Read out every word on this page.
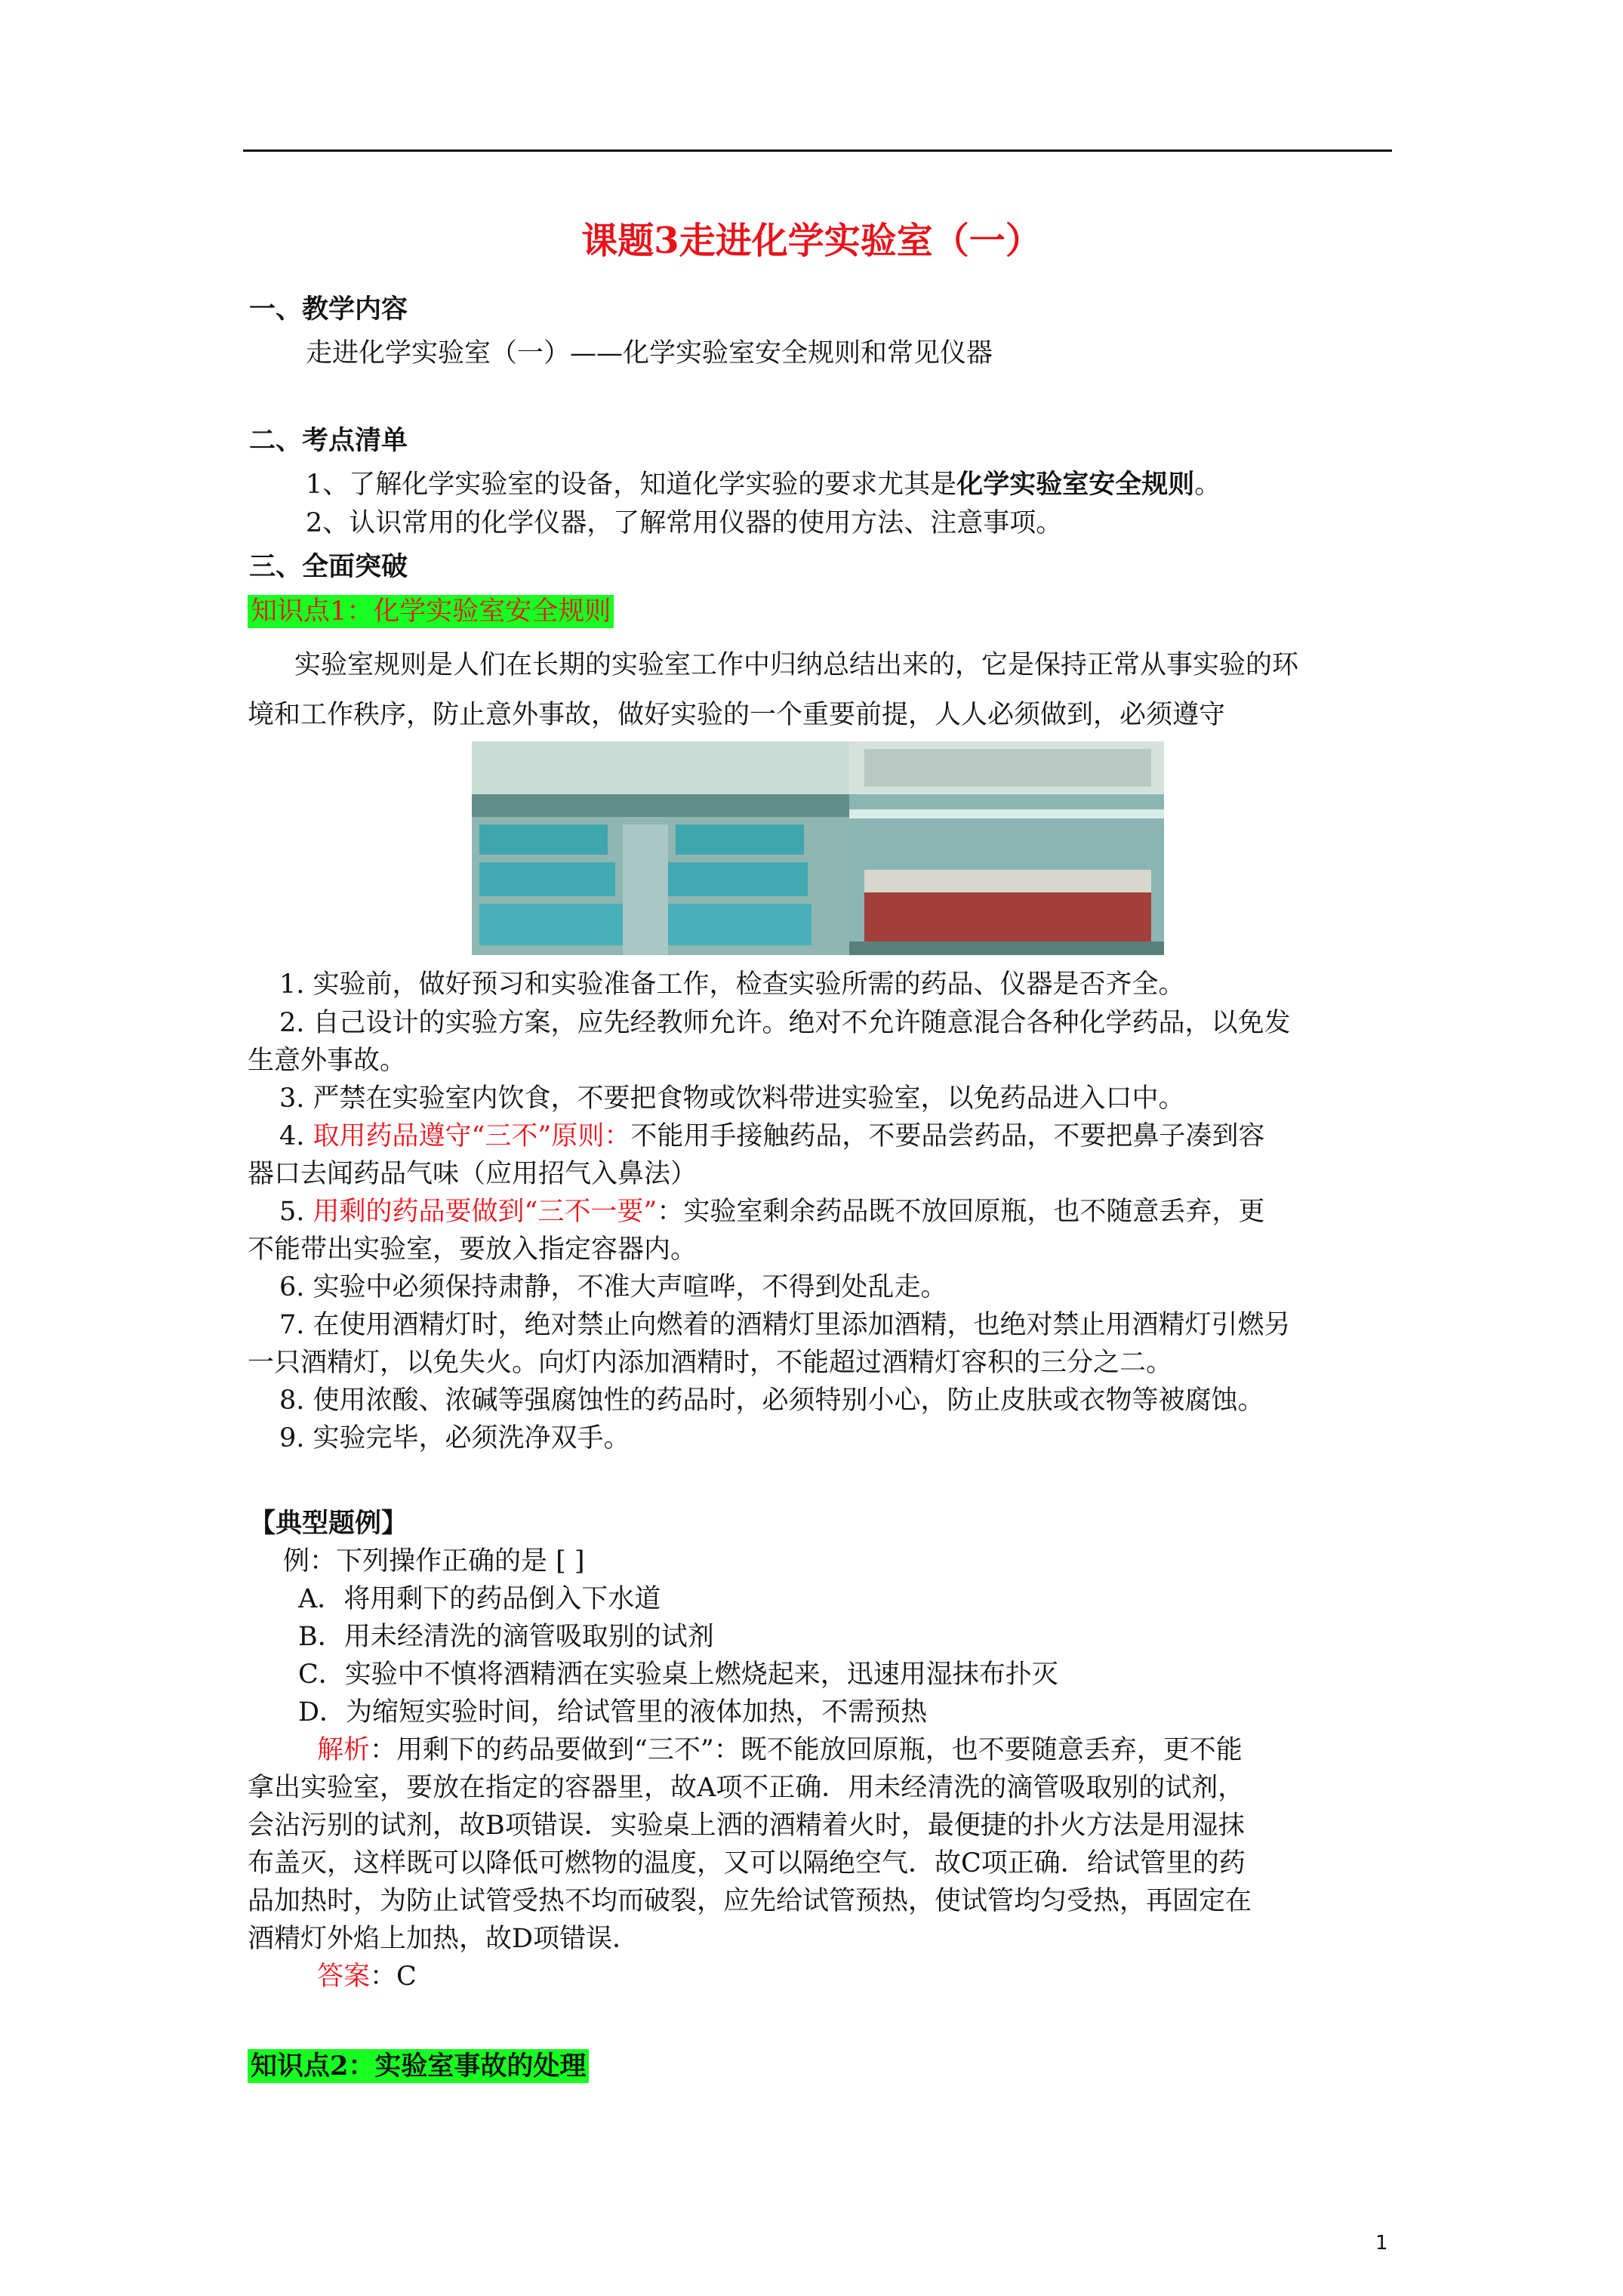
课题3走进化学实验室（一）
一、教学内容
走进化学实验室（一）——化学实验室安全规则和常见仪器
二、考点清单
1、了解化学实验室的设备，知道化学实验的要求尤其是化学实验室安全规则。
2、认识常用的化学仪器，了解常用仪器的使用方法、注意事项。
三、全面突破
知识点1：化学实验室安全规则
实验室规则是人们在长期的实验室工作中归纳总结出来的，它是保持正常从事实验的环
境和工作秩序，防止意外事故，做好实验的一个重要前提，人人必须做到，必须遵守
1. 实验前，做好预习和实验准备工作，检查实验所需的药品、仪器是否齐全。
2. 自己设计的实验方案，应先经教师允许。绝对不允许随意混合各种化学药品，以免发
生意外事故。
3. 严禁在实验室内饮食，不要把食物或饮料带进实验室，以免药品进入口中。
4. 取用药品遵守“三不”原则：不能用手接触药品，不要品尝药品，不要把鼻子凑到容
器口去闻药品气味（应用招气入鼻法）
5. 用剩的药品要做到“三不一要”：实验室剩余药品既不放回原瓶，也不随意丢弃，更
不能带出实验室，要放入指定容器内。
6. 实验中必须保持肃静，不准大声喧哗，不得到处乱走。
7. 在使用酒精灯时，绝对禁止向燃着的酒精灯里添加酒精，也绝对禁止用酒精灯引燃另
一只酒精灯，以免失火。向灯内添加酒精时，不能超过酒精灯容积的三分之二。
8. 使用浓酸、浓碱等强腐蚀性的药品时，必须特别小心，防止皮肤或衣物等被腐蚀。
9. 实验完毕，必须洗净双手。
【典型题例】
例：下列操作正确的是 [ ]
A．将用剩下的药品倒入下水道
B．用未经清洗的滴管吸取别的试剂
C．实验中不慎将酒精洒在实验桌上燃烧起来，迅速用湿抹布扑灭
D．为缩短实验时间，给试管里的液体加热，不需预热
解析：用剩下的药品要做到“三不”：既不能放回原瓶，也不要随意丢弃，更不能
拿出实验室，要放在指定的容器里，故A项不正确．用未经清洗的滴管吸取别的试剂，
会沾污别的试剂，故B项错误．实验桌上洒的酒精着火时，最便捷的扑火方法是用湿抹
布盖灭，这样既可以降低可燃物的温度，又可以隔绝空气．故C项正确．给试管里的药
品加热时，为防止试管受热不均而破裂，应先给试管预热，使试管均匀受热，再固定在
酒精灯外焰上加热，故D项错误．
答案：C
知识点2：实验室事故的处理
1
